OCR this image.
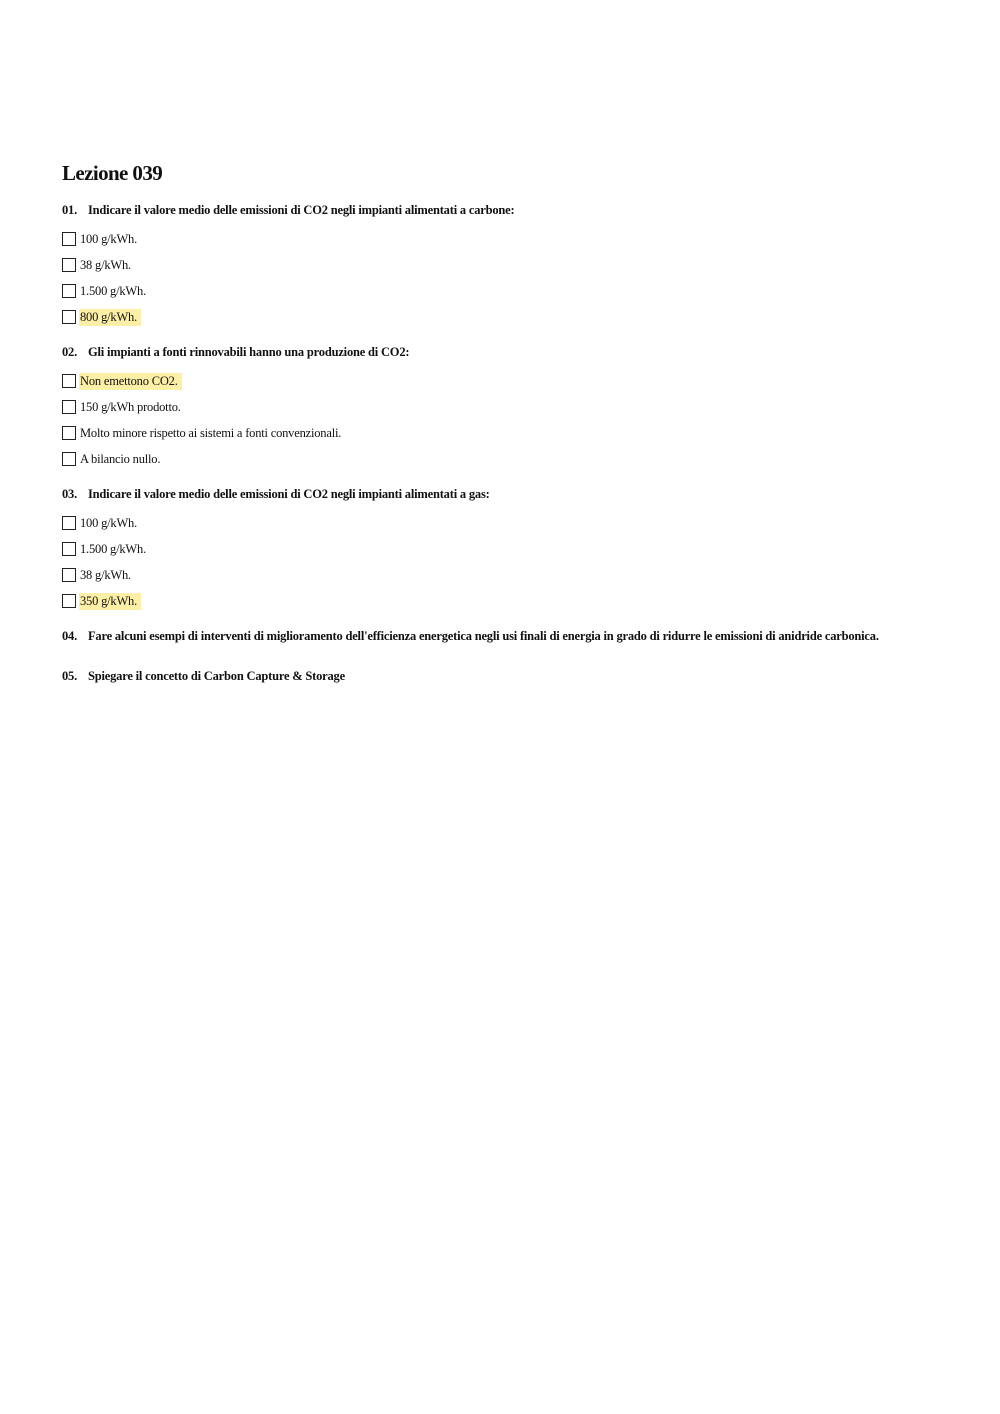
Lezione 039

01. Indicare il valore medio delle emissioni di CO2 negli impianti alimentati a carbone:

100 g/kWh.
38 g/kWh.
1.500 g/kWh.
800 g/kWh.

02. Gli impianti a fonti rinnovabili hanno una produzione di CO2:

Non emettono CO2.
150 g/kWh prodotto.
Molto minore rispetto ai sistemi a fonti convenzionali.
A bilancio nullo.

03. Indicare il valore medio delle emissioni di CO2 negli impianti alimentati a gas:

100 g/kWh.
1.500 g/kWh.
38 g/kWh.
350 g/kWh.

04. Fare alcuni esempi di interventi di miglioramento dell'efficienza energetica negli usi finali di energia in grado di ridurre le emissioni di anidride carbonica.

05. Spiegare il concetto di Carbon Capture & Storage
